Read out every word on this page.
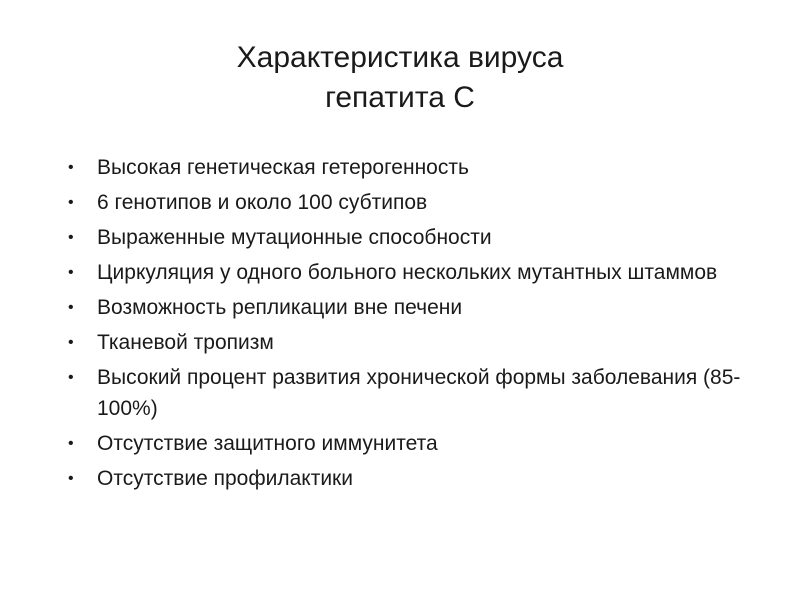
Характеристика вируса
гепатита С
• Высокая генетическая гетерогенность
• 6 генотипов и около 100 субтипов
• Выраженные мутационные способности
• Циркуляция у одного больного нескольких мутантных штаммов
• Возможность репликации вне печени
• Тканевой тропизм
• Высокий процент развития хронической формы заболевания (85-100%)
• Отсутствие защитного иммунитета
• Отсутствие профилактики
